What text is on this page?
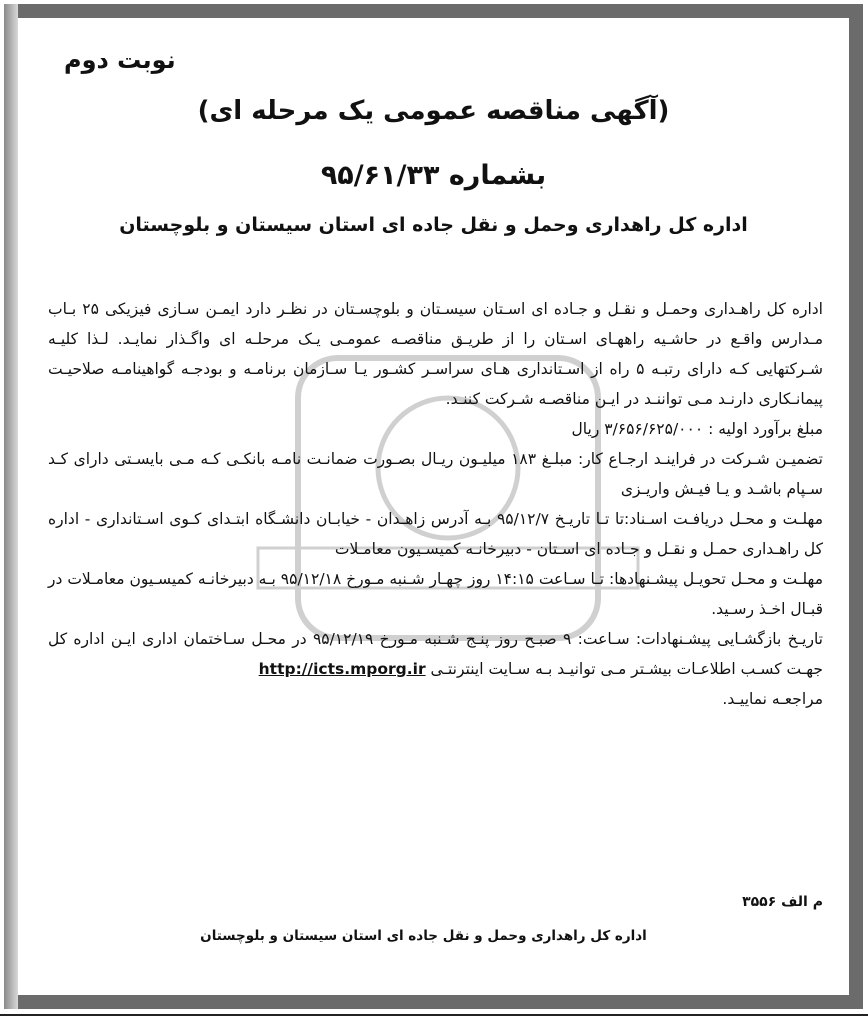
نوبت دوم
(آگهی مناقصه عمومی یک مرحله ای)
بشماره ۹۵/۶۱/۳۳
اداره کل راهداری وحمل و نقل جاده ای استان سیستان و بلوچستان

اداره کل راهـداری وحمـل و نقـل و جـاده ای اسـتان سیسـتان و بلوچسـتان در نظـر دارد ایمـن سـازی فیزیکی ۲۵ بـاب مـدارس واقـع در حاشـیه راههـای اسـتان را از طریـق مناقصـه عمومـی یـک مرحلـه ای واگـذار نمایـد. لـذا کلیـه شـرکتهایی کـه دارای رتبـه ۵ راه از اسـتانداری هـای سراسـر کشـور یـا سـازمان برنامـه و بودجـه گواهینامـه صلاحیـت پیمانـکاری دارنـد مـی تواننـد در ایـن مناقصـه شـرکت کننـد.

مبلغ برآورد اولیه : ۳/۶۵۶/۶۲۵/۰۰۰ ریال

تضمیـن شـرکت در فراینـد ارجـاع کار: مبلـغ ۱۸۳ میلیـون ریـال بصـورت ضمانـت نامـه بانکـی کـه مـی بایسـتی دارای کـد سـپام باشـد و یـا فیـش واریـزی

مهلـت و محـل دریافـت اسـناد:تا تـا تاریـخ ۹۵/۱۲/۷ بـه آدرس زاهـدان - خیابـان دانشـگاه ابتـدای کـوی اسـتانداری - اداره کل راهـداری حمـل و نقـل و جـاده ای اسـتان - دبیرخانـه کمیسـیون معامـلات

مهلـت و محـل تحویـل پیشـنهادها: تـا سـاعت ۱۴:۱۵ روز چهـار شـنبه مـورخ ۹۵/۱۲/۱۸ بـه دبیرخانـه کمیسـیون معامـلات در قبـال اخـذ رسـید.

تاریـخ بازگشـایی پیشـنهادات: سـاعت: ۹ صبـح روز پنـج شـنبه مـورخ ۹۵/۱۲/۱۹ در محـل سـاختمان اداری ایـن اداره کل جهـت کسـب اطلاعـات بیشـتر مـی توانیـد بـه سـایت اینترنتـی http://icts.mporg.ir

مراجعـه نماییـد.

م الف ۳۵۵۶
اداره کل راهداری وحمل و نقل جاده ای استان سیستان و بلوچستان
